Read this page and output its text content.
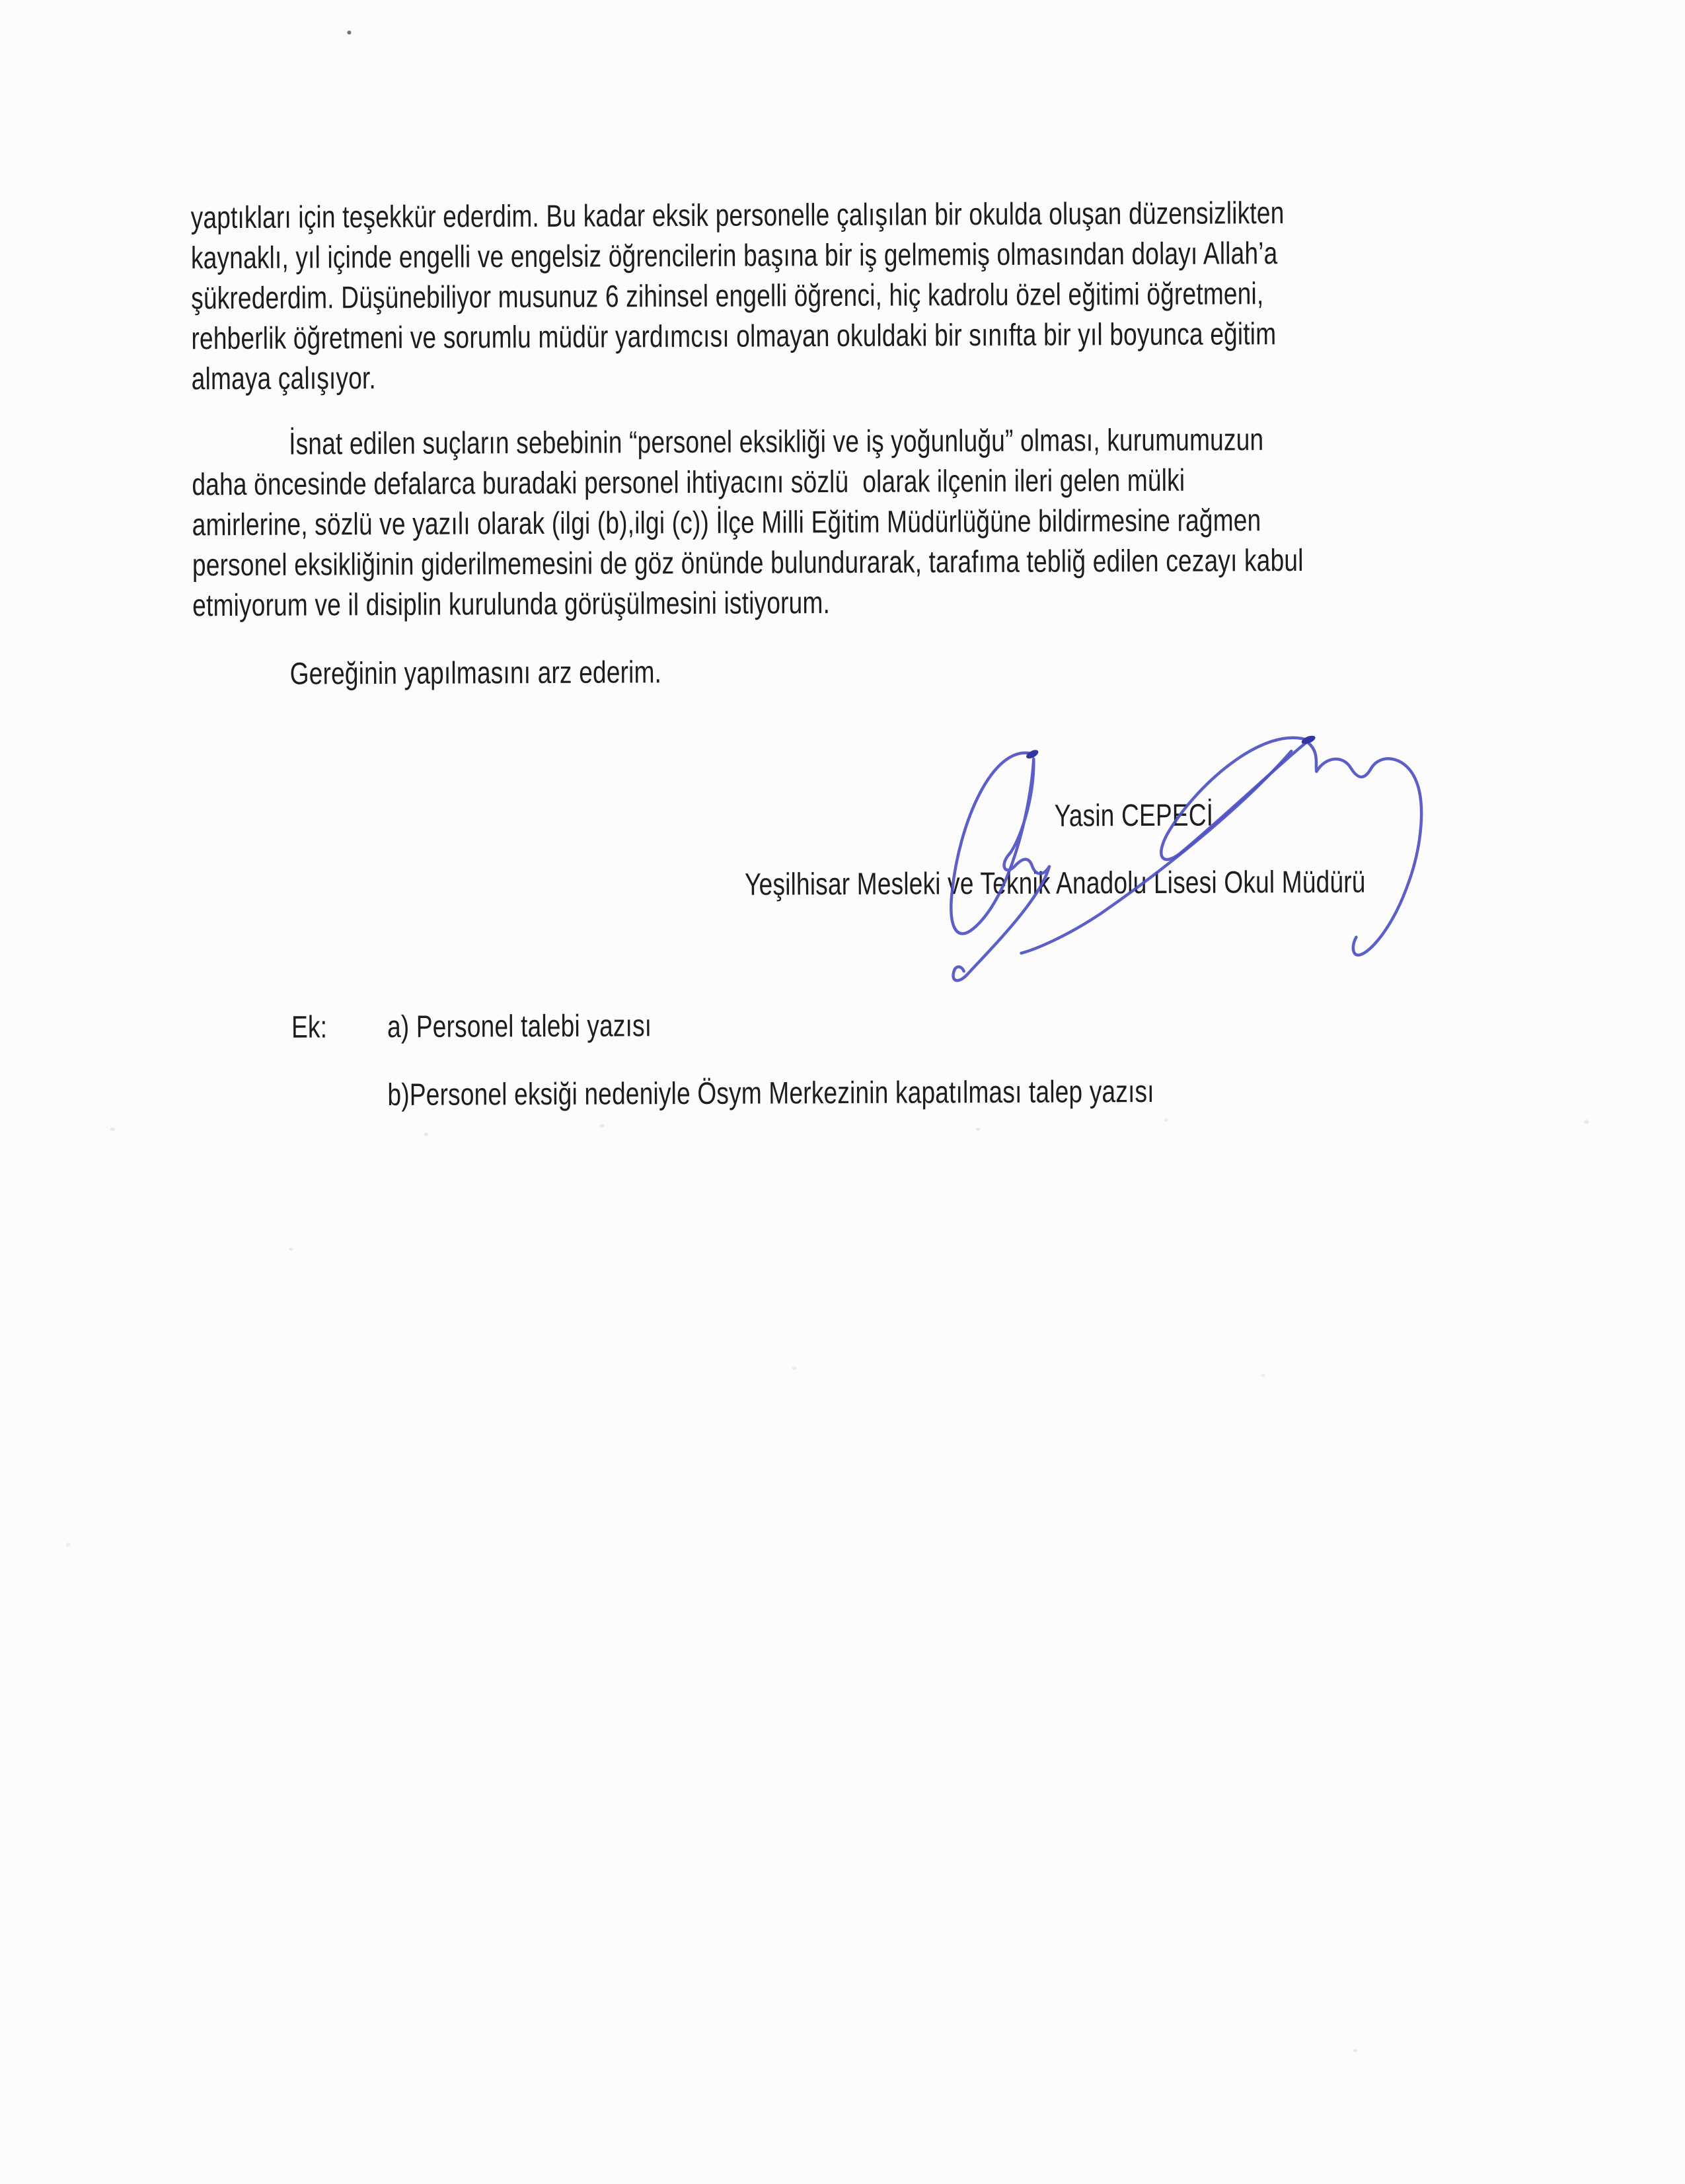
yaptıkları için teşekkür ederdim. Bu kadar eksik personelle çalışılan bir okulda oluşan düzensizlikten
kaynaklı, yıl içinde engelli ve engelsiz öğrencilerin başına bir iş gelmemiş olmasından dolayı Allah’a
şükrederdim. Düşünebiliyor musunuz 6 zihinsel engelli öğrenci, hiç kadrolu özel eğitimi öğretmeni,
rehberlik öğretmeni ve sorumlu müdür yardımcısı olmayan okuldaki bir sınıfta bir yıl boyunca eğitim
almaya çalışıyor.
İsnat edilen suçların sebebinin “personel eksikliği ve iş yoğunluğu” olması, kurumumuzun
daha öncesinde defalarca buradaki personel ihtiyacını sözlü  olarak ilçenin ileri gelen mülki
amirlerine, sözlü ve yazılı olarak (ilgi (b),ilgi (c)) İlçe Milli Eğitim Müdürlüğüne bildirmesine rağmen
personel eksikliğinin giderilmemesini de göz önünde bulundurarak, tarafıma tebliğ edilen cezayı kabul
etmiyorum ve il disiplin kurulunda görüşülmesini istiyorum.
Gereğinin yapılmasını arz ederim.
Yasin CEPECİ
Yeşilhisar Mesleki ve Teknik Anadolu Lisesi Okul Müdürü
Ek: a) Personel talebi yazısı
b)Personel eksiği nedeniyle Ösym Merkezinin kapatılması talep yazısı
